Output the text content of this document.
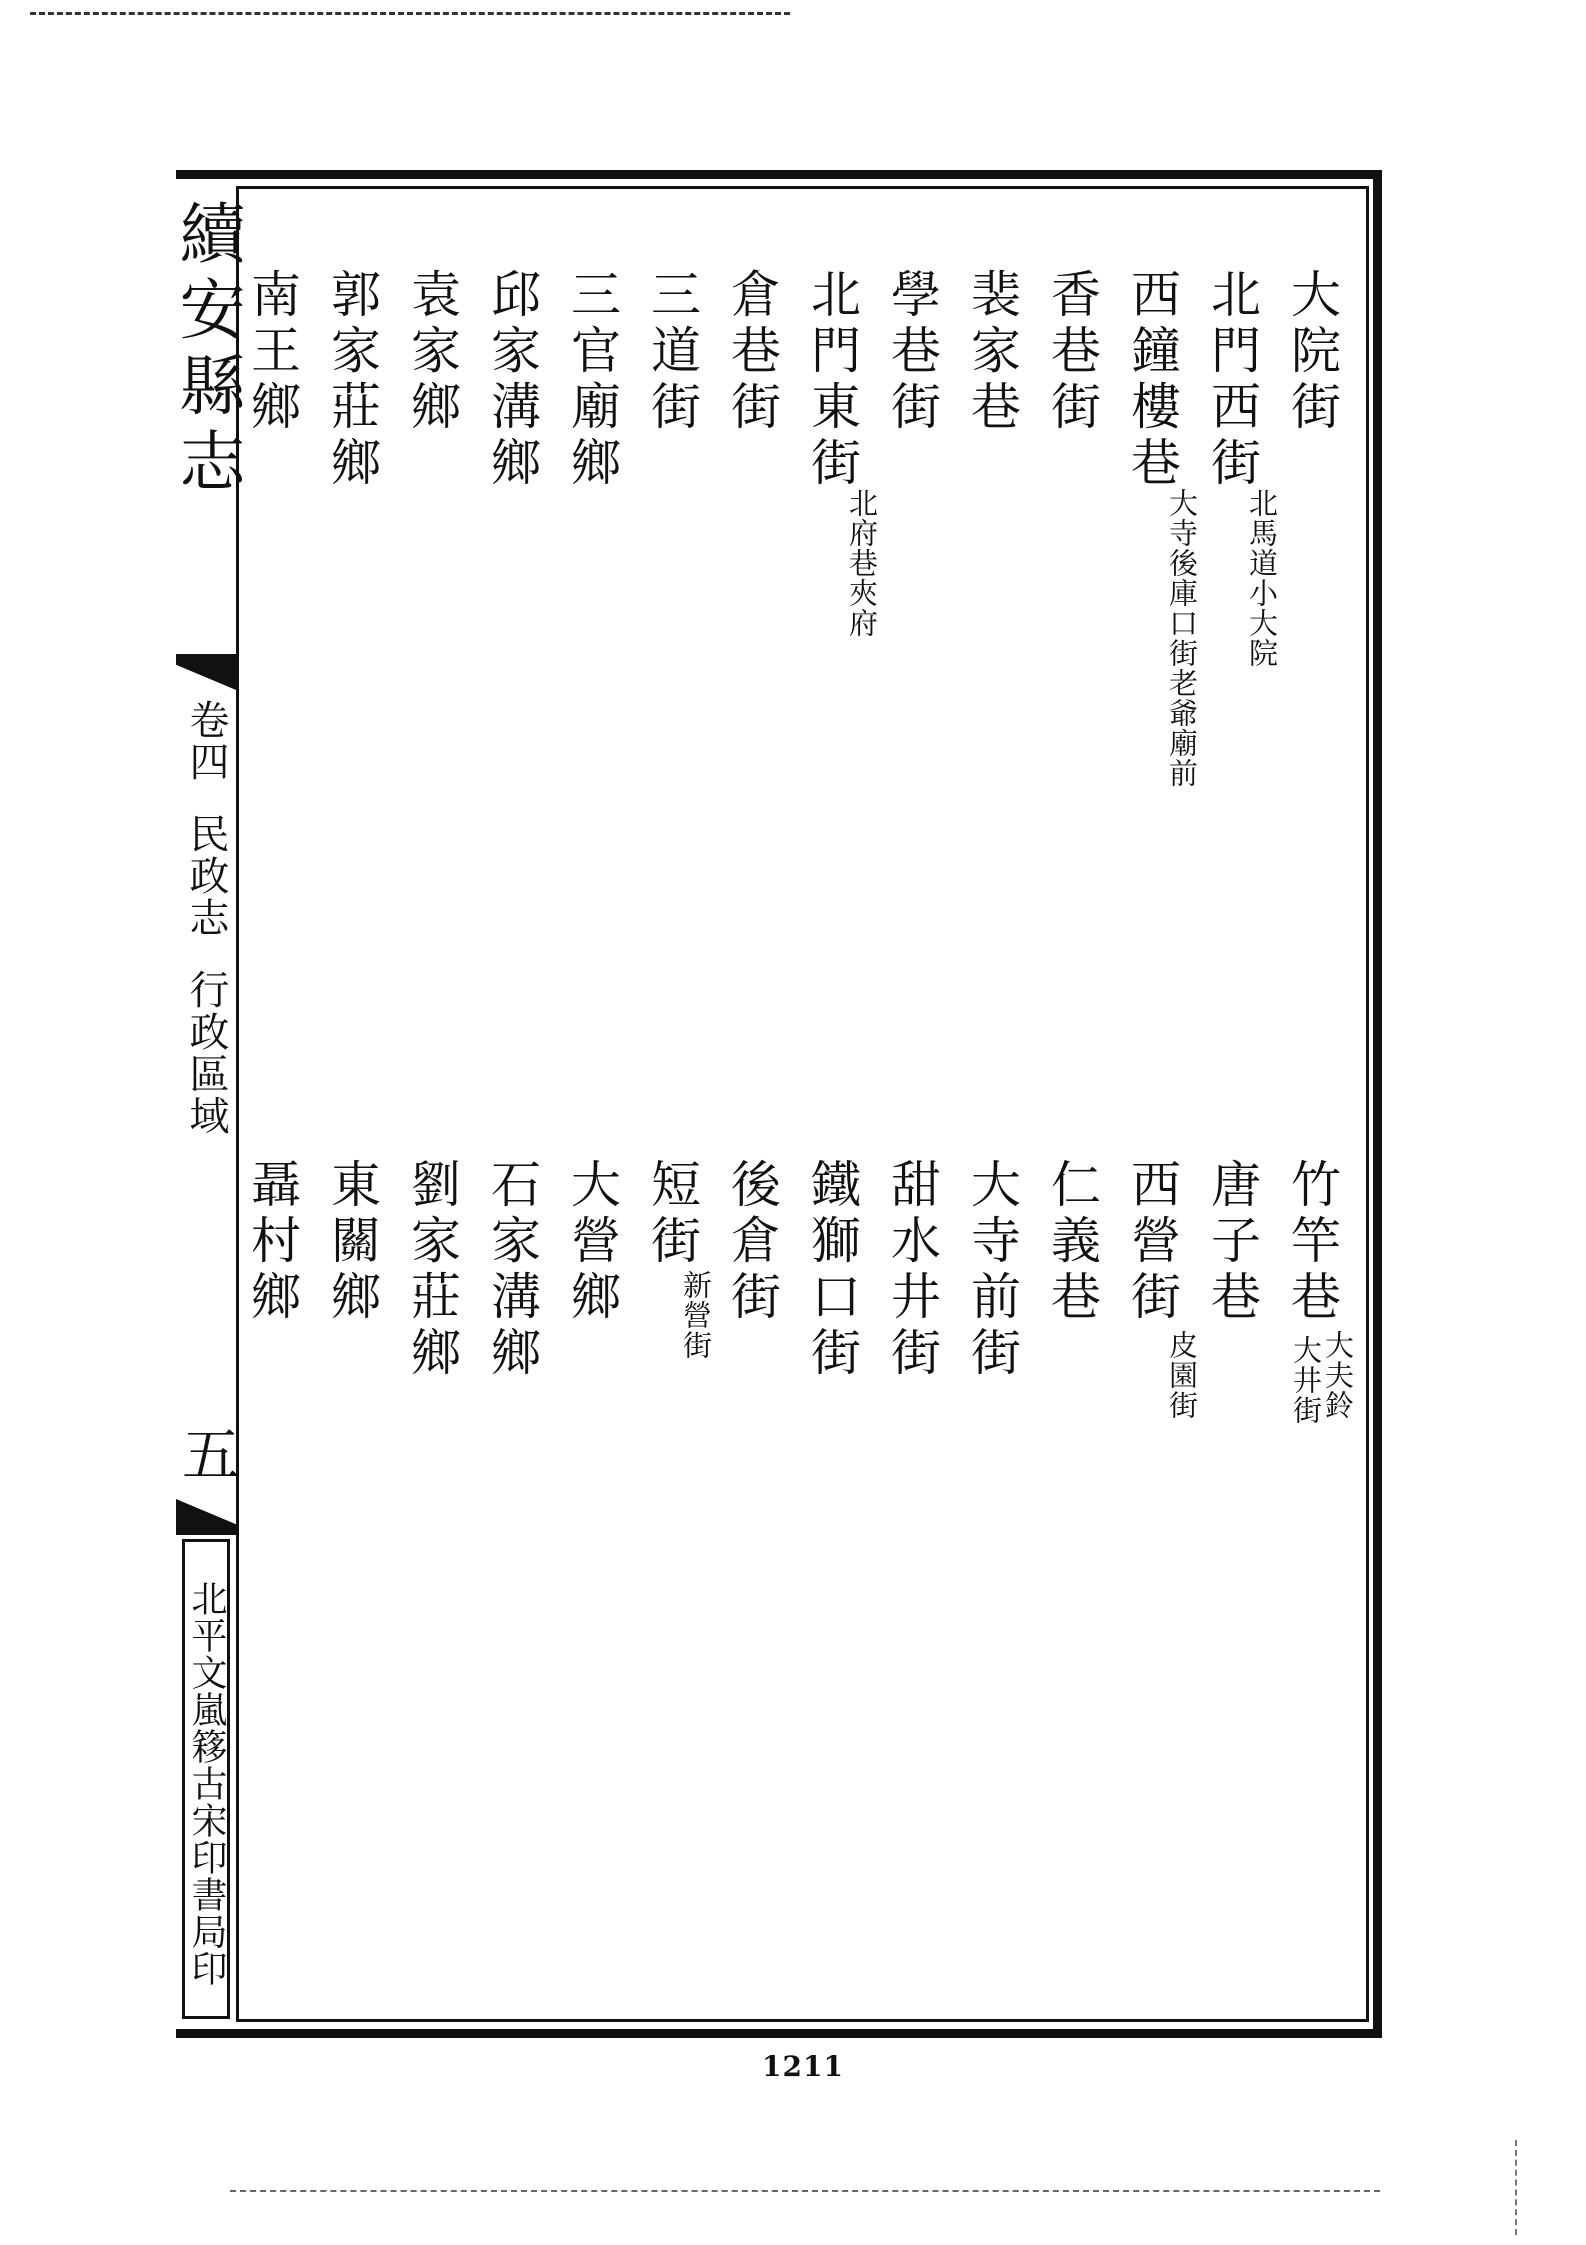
續安縣志
卷四
民政志
行政區域
五
北平文嵐簃古宋印書局印
大院街
北門西街
北馬道小大院
西鐘樓巷
大寺後庫口街老爺廟前
香巷街
裴家巷
學巷街
北門東街
北府巷夾府
倉巷街
三道街
三官廟鄉
邱家溝鄉
袁家鄉
郭家莊鄉
南王鄉
竹竿巷
大夫鈴
大井街
唐子巷
西營街
皮園街
仁義巷
大寺前街
甜水井街
鐵獅口街
後倉街
短街
新營街
大營鄉
石家溝鄉
劉家莊鄉
東關鄉
聶村鄉
1211
